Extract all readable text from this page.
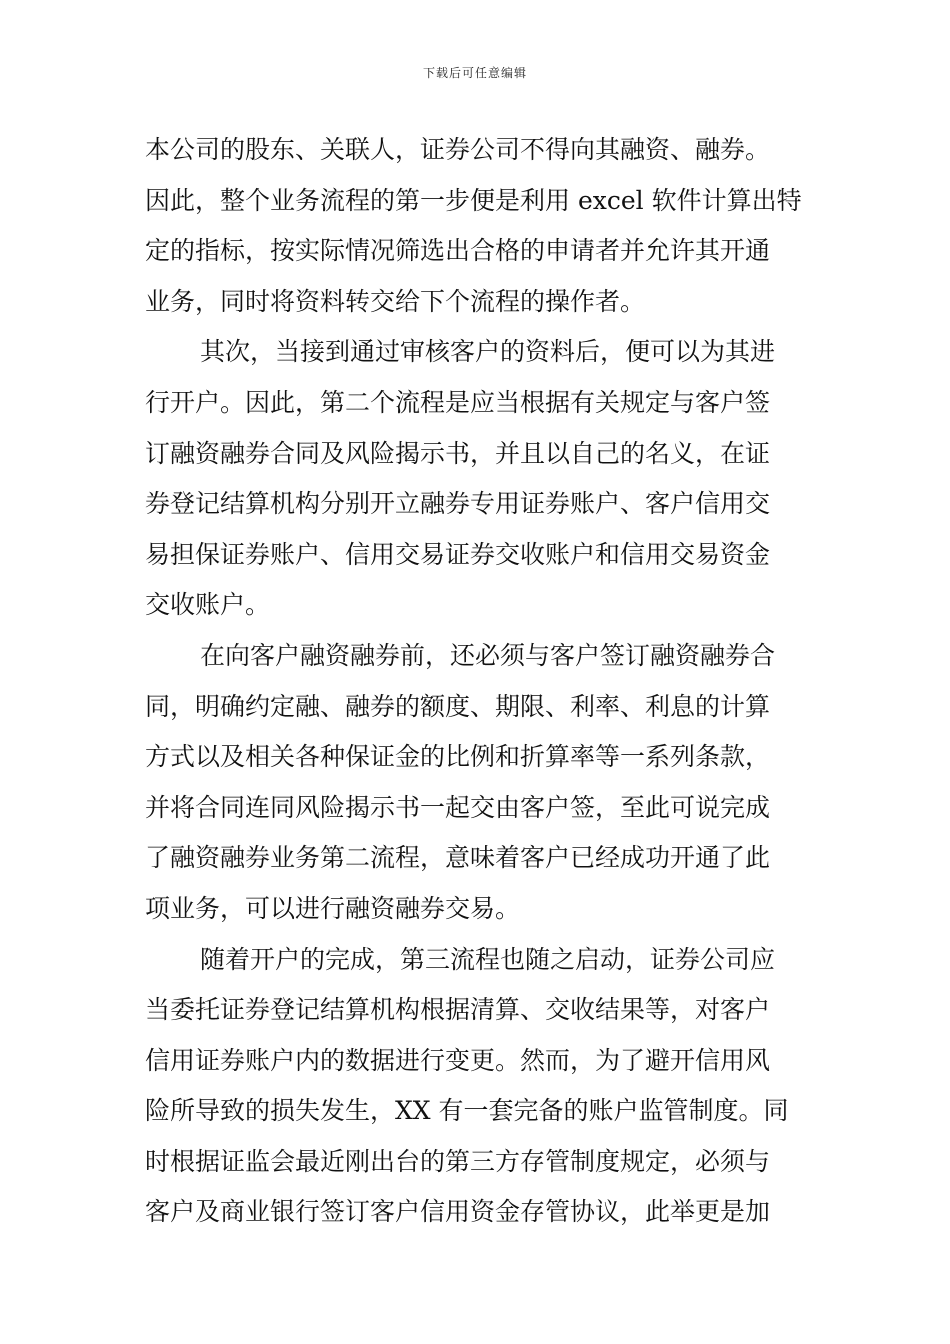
下载后可任意编辑
本公司的股东、关联人，证券公司不得向其融资、融券。
因此，整个业务流程的第一步便是利用 excel 软件计算出特
定的指标，按实际情况筛选出合格的申请者并允许其开通
业务，同时将资料转交给下个流程的操作者。
其次，当接到通过审核客户的资料后，便可以为其进
行开户。因此，第二个流程是应当根据有关规定与客户签
订融资融券合同及风险揭示书，并且以自己的名义，在证
券登记结算机构分别开立融券专用证券账户、客户信用交
易担保证券账户、信用交易证券交收账户和信用交易资金
交收账户。
在向客户融资融券前，还必须与客户签订融资融券合
同，明确约定融、融券的额度、期限、利率、利息的计算
方式以及相关各种保证金的比例和折算率等一系列条款，
并将合同连同风险揭示书一起交由客户签，至此可说完成
了融资融券业务第二流程，意味着客户已经成功开通了此
项业务，可以进行融资融券交易。
随着开户的完成，第三流程也随之启动，证券公司应
当委托证券登记结算机构根据清算、交收结果等，对客户
信用证券账户内的数据进行变更。然而，为了避开信用风
险所导致的损失发生，XX 有一套完备的账户监管制度。同
时根据证监会最近刚出台的第三方存管制度规定，必须与
客户及商业银行签订客户信用资金存管协议，此举更是加
